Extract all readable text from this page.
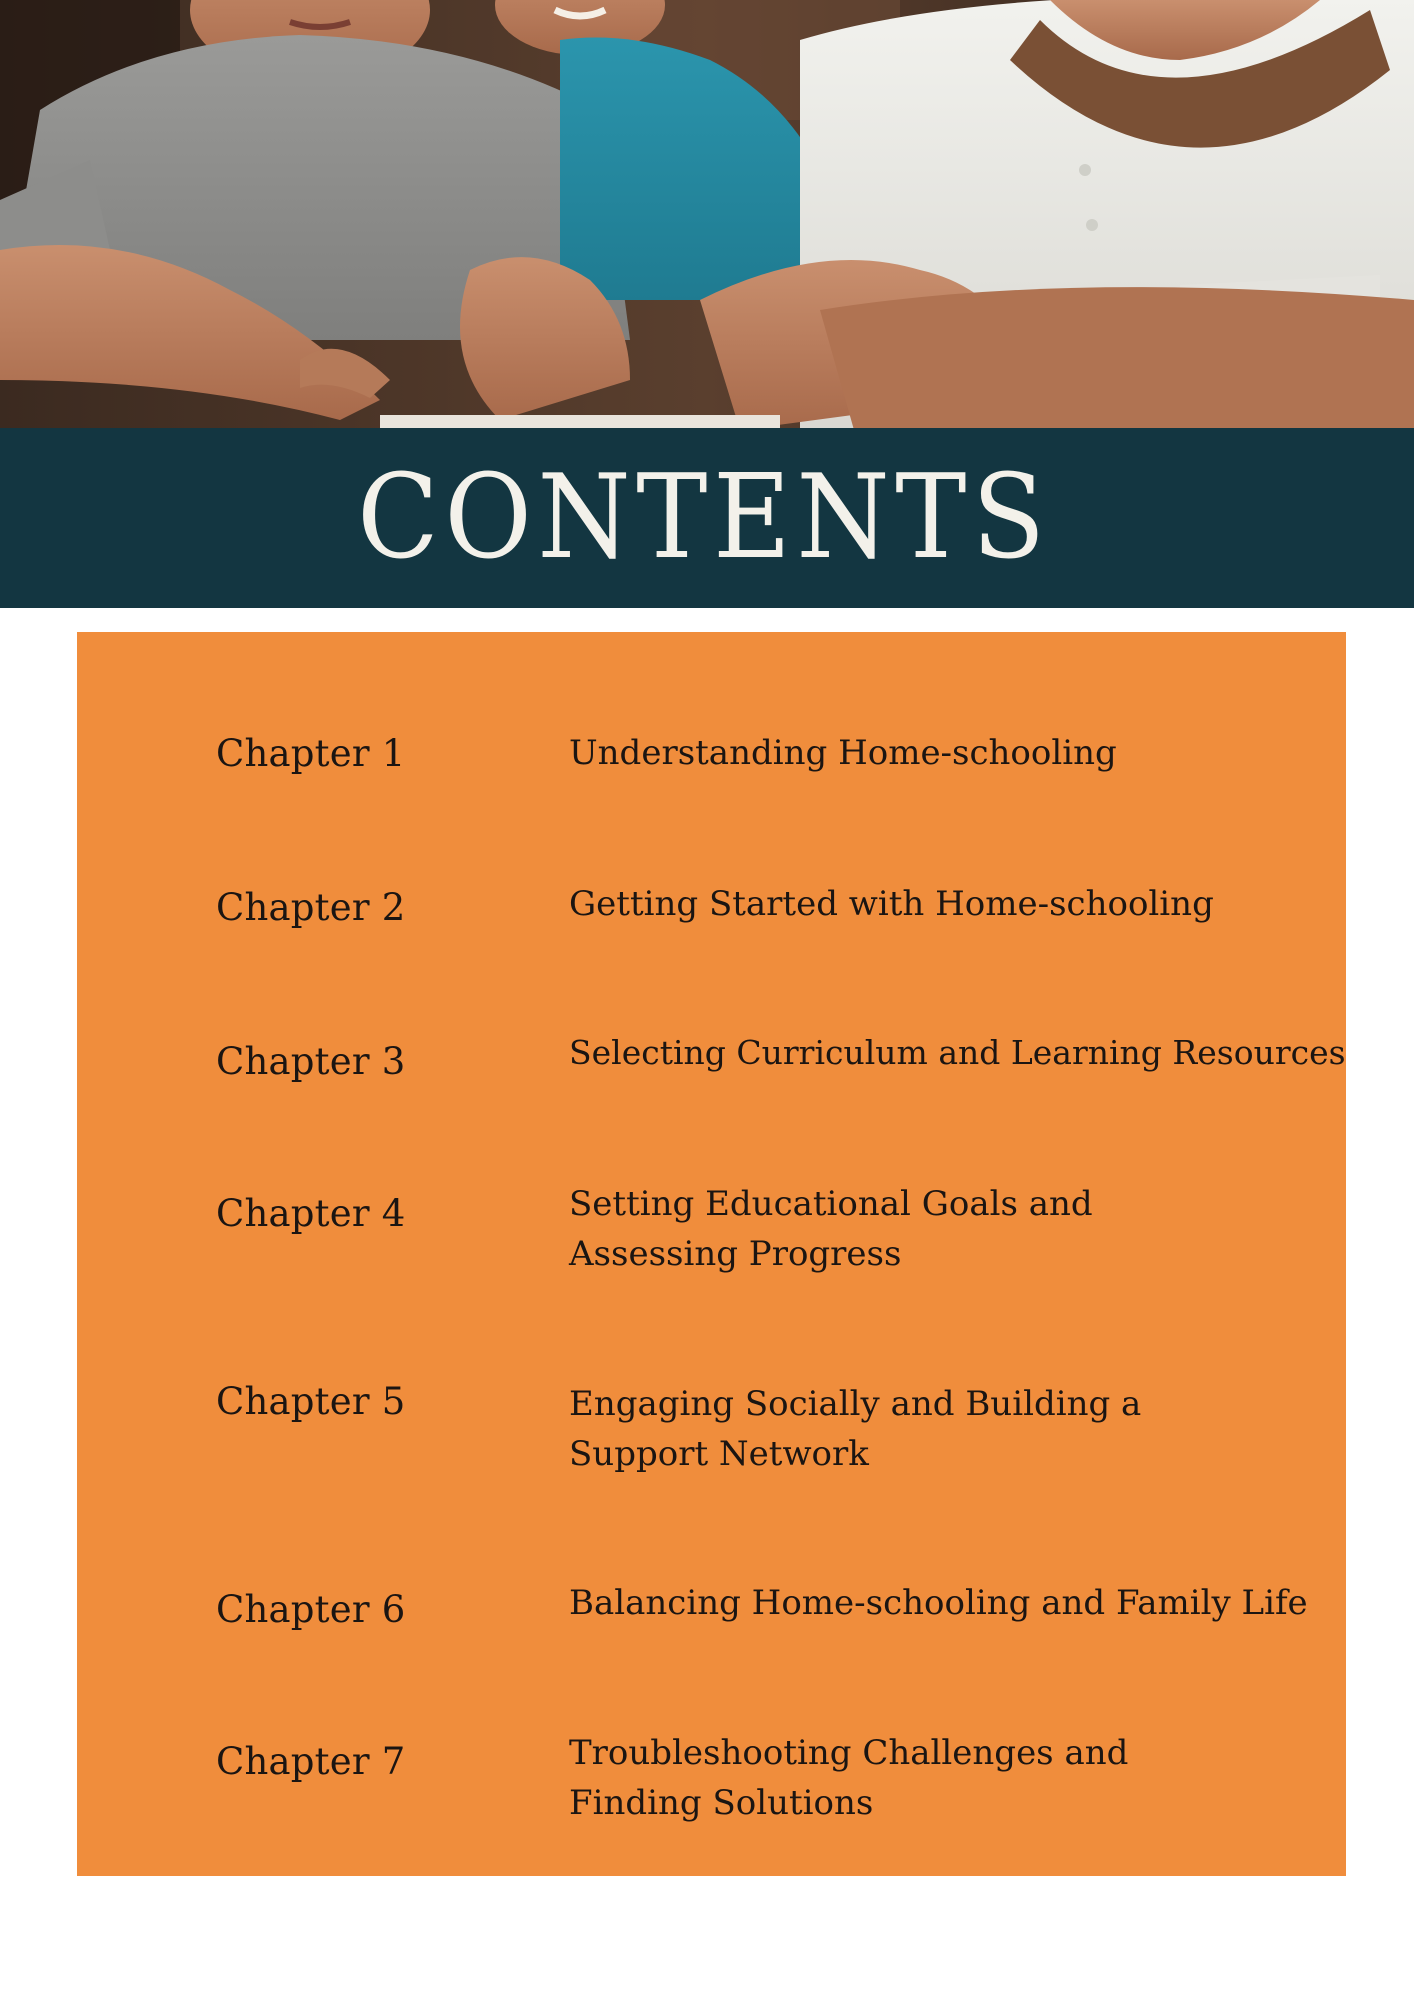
CONTENTS
Chapter 1	Understanding Home-schooling
Chapter 2	Getting Started with Home-schooling
Chapter 3	Selecting Curriculum and Learning Resources
Chapter 4	Setting Educational Goals and Assessing Progress
Chapter 5	Engaging Socially and Building a Support Network
Chapter 6	Balancing Home-schooling and Family Life
Chapter 7	Troubleshooting Challenges and Finding Solutions
